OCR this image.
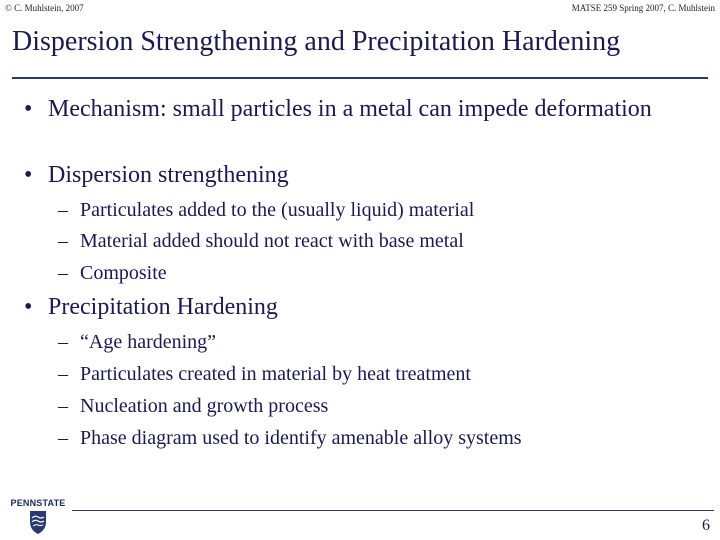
© C. Muhlstein, 2007	MATSE 259 Spring 2007, C. Muhlstein
Dispersion Strengthening and Precipitation Hardening
• Mechanism: small particles in a metal can impede deformation
• Dispersion strengthening
– Particulates added to the (usually liquid) material
– Material added should not react with base metal
– Composite
• Precipitation Hardening
– “Age hardening”
– Particulates created in material by heat treatment
– Nucleation and growth process
– Phase diagram used to identify amenable alloy systems
PENNSTATE
6
